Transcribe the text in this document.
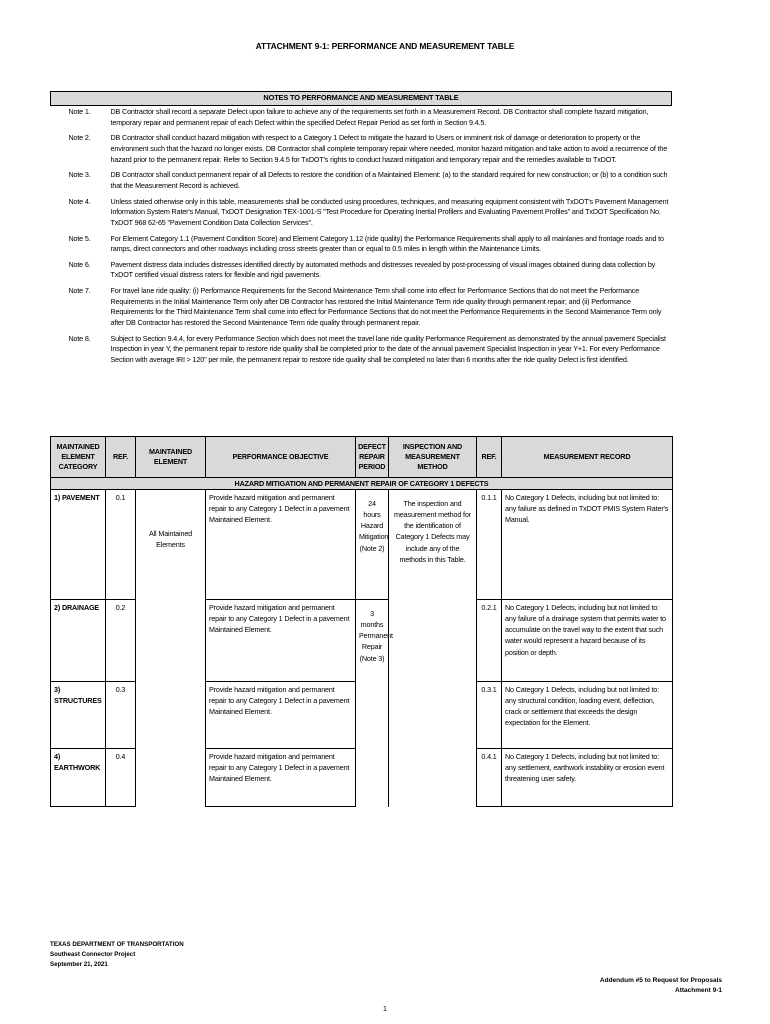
ATTACHMENT 9-1: PERFORMANCE AND MEASUREMENT TABLE
NOTES TO PERFORMANCE AND MEASUREMENT TABLE	
Note 1.	DB Contractor shall record a separate Defect upon failure to achieve any of the requirements set forth in a Measurement Record. DB Contractor shall complete hazard mitigation, temporary repair and permanent repair of each Defect within the specified Defect Repair Period as set forth in Section 9.4.5.
Note 2.	DB Contractor shall conduct hazard mitigation with respect to a Category 1 Defect to mitigate the hazard to Users or imminent risk of damage or deterioration to property or the environment such that the hazard no longer exists. DB Contractor shall complete temporary repair where needed, monitor hazard mitigation and take action to avoid a recurrence of the hazard prior to the permanent repair. Refer to Section 9.4.5 for TxDOT's rights to conduct hazard mitigation and temporary repair and the remedies available to TxDOT.
Note 3.	DB Contractor shall conduct permanent repair of all Defects to restore the condition of a Maintained Element: (a) to the standard required for new construction; or (b) to a condition such that the Measurement Record is achieved.
Note 4.	Unless stated otherwise only in this table, measurements shall be conducted using procedures, techniques, and measuring equipment consistent with TxDOT's Pavement Management Information System Rater's Manual, TxDOT Designation TEX-1001-S "Test Procedure for Operating Inertial Profilers and Evaluating Pavement Profiles" and TxDOT Specification No. TxDOT 968 62-65 "Pavement Condition Data Collection Services".
Note 5.	For Element Category 1.1 (Pavement Condition Score) and Element Category 1.12 (ride quality) the Performance Requirements shall apply to all mainlanes and frontage roads and to ramps, direct connectors and other roadways including cross streets greater than or equal to 0.5 miles in length within the Maintenance Limits.
Note 6.	Pavement distress data includes distresses identified directly by automated methods and distresses revealed by post-processing of visual images obtained during data collection by TxDOT certified visual distress raters for flexible and rigid pavements.
Note 7.	For travel lane ride quality: (i) Performance Requirements for the Second Maintenance Term shall come into effect for Performance Sections that do not meet the Performance Requirements in the Initial Maintenance Term only after DB Contractor has restored the Initial Maintenance Term ride quality through permanent repair; and (ii) Performance Requirements for the Third Maintenance Term shall come into effect for Performance Sections that do not meet the Performance Requirements in the Second Maintenance Term only after DB Contractor has restored the Second Maintenance Term ride quality through permanent repair.
Note 8.	Subject to Section 9.4.4, for every Performance Section which does not meet the travel lane ride quality Performance Requirement as demonstrated by the annual pavement Specialist Inspection in year Y, the permanent repair to restore ride quality shall be completed prior to the date of the annual pavement Specialist Inspection in year Y+1. For every Performance Section with average IRI > 120" per mile, the permanent repair to restore ride quality shall be completed no later than 6 months after the ride quality Defect is first identified.
MAINTAINED ELEMENT CATEGORY	REF.	MAINTAINED ELEMENT	PERFORMANCE OBJECTIVE	DEFECT REPAIR PERIOD	INSPECTION AND MEASUREMENT METHOD	REF.	MEASUREMENT RECORD
HAZARD MITIGATION AND PERMANENT REPAIR OF CATEGORY 1 DEFECTS							
1) PAVEMENT	0.1	All Maintained Elements	Provide hazard mitigation and permanent repair to any Category 1 Defect in a pavement Maintained Element.	24 hours Hazard Mitigation (Note 2)	The inspection and measurement method for the identification of Category 1 Defects may include any of the methods in this Table.	0.1.1	No Category 1 Defects, including but not limited to: any failure as defined in TxDOT PMIS System Rater's Manual.
2) DRAINAGE	0.2		Provide hazard mitigation and permanent repair to any Category 1 Defect in a pavement Maintained Element.	3 months Permanent Repair (Note 3)		0.2.1	No Category 1 Defects, including but not limited to: any failure of a drainage system that permits water to accumulate on the travel way to the extent that such water would represent a hazard because of its position or depth.
3) STRUCTURES	0.3		Provide hazard mitigation and permanent repair to any Category 1 Defect in a pavement Maintained Element.			0.3.1	No Category 1 Defects, including but not limited to: any structural condition, loading event, deflection, crack or settlement that exceeds the design expectation for the Element.
4) EARTHWORK	0.4		Provide hazard mitigation and permanent repair to any Category 1 Defect in a pavement Maintained Element.			0.4.1	No Category 1 Defects, including but not limited to: any settlement, earthwork instability or erosion event threatening user safety.
TEXAS DEPARTMENT OF TRANSPORTATION
Southeast Connector Project
September 21, 2021
Addendum #5 to Request for Proposals
Attachment 9-1
1
